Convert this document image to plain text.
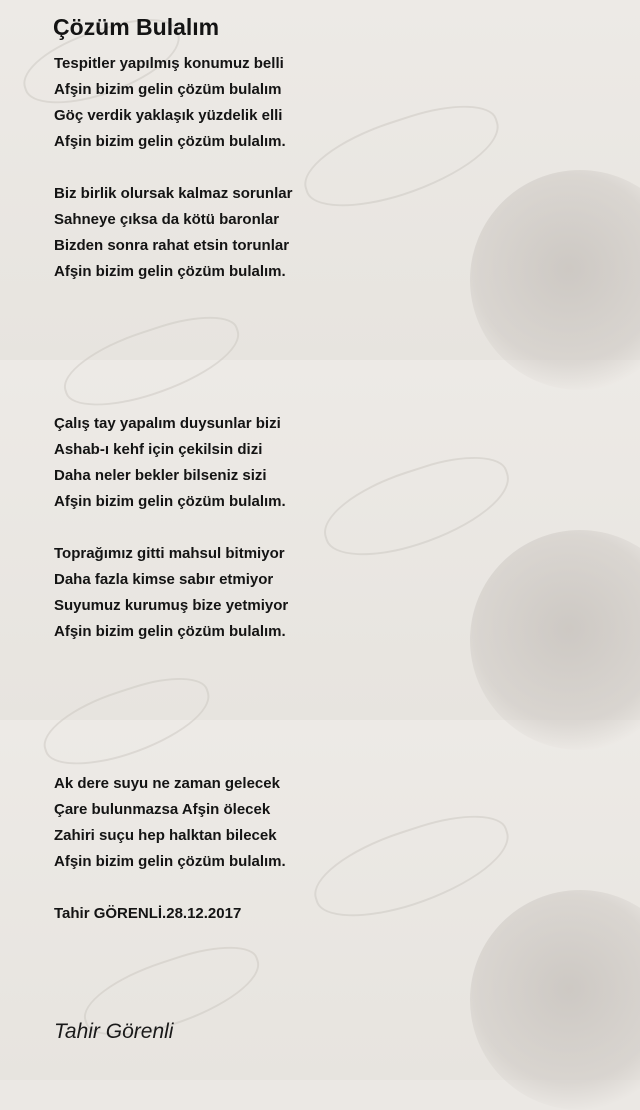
Çözüm Bulalım
Tespitler yapılmış konumuz belli
Afşin bizim gelin çözüm bulalım
Göç verdik yaklaşık yüzdelik elli
Afşin bizim gelin çözüm bulalım.
Biz birlik olursak kalmaz sorunlar
Sahneye çıksa da kötü baronlar
Bizden sonra rahat etsin torunlar
Afşin bizim gelin çözüm bulalım.
Çalış tay yapalım duysunlar bizi
Ashab-ı kehf için çekilsin dizi
Daha neler bekler bilseniz sizi
Afşin bizim gelin çözüm bulalım.
Toprağımız gitti mahsul bitmiyor
Daha fazla kimse sabır etmiyor
Suyumuz kurumuş bize yetmiyor
Afşin bizim gelin çözüm bulalım.
Ak dere suyu ne zaman gelecek
Çare bulunmazsa Afşin ölecek
Zahiri suçu hep halktan bilecek
Afşin bizim gelin çözüm bulalım.
Tahir GÖRENLİ.28.12.2017
Tahir Görenli
